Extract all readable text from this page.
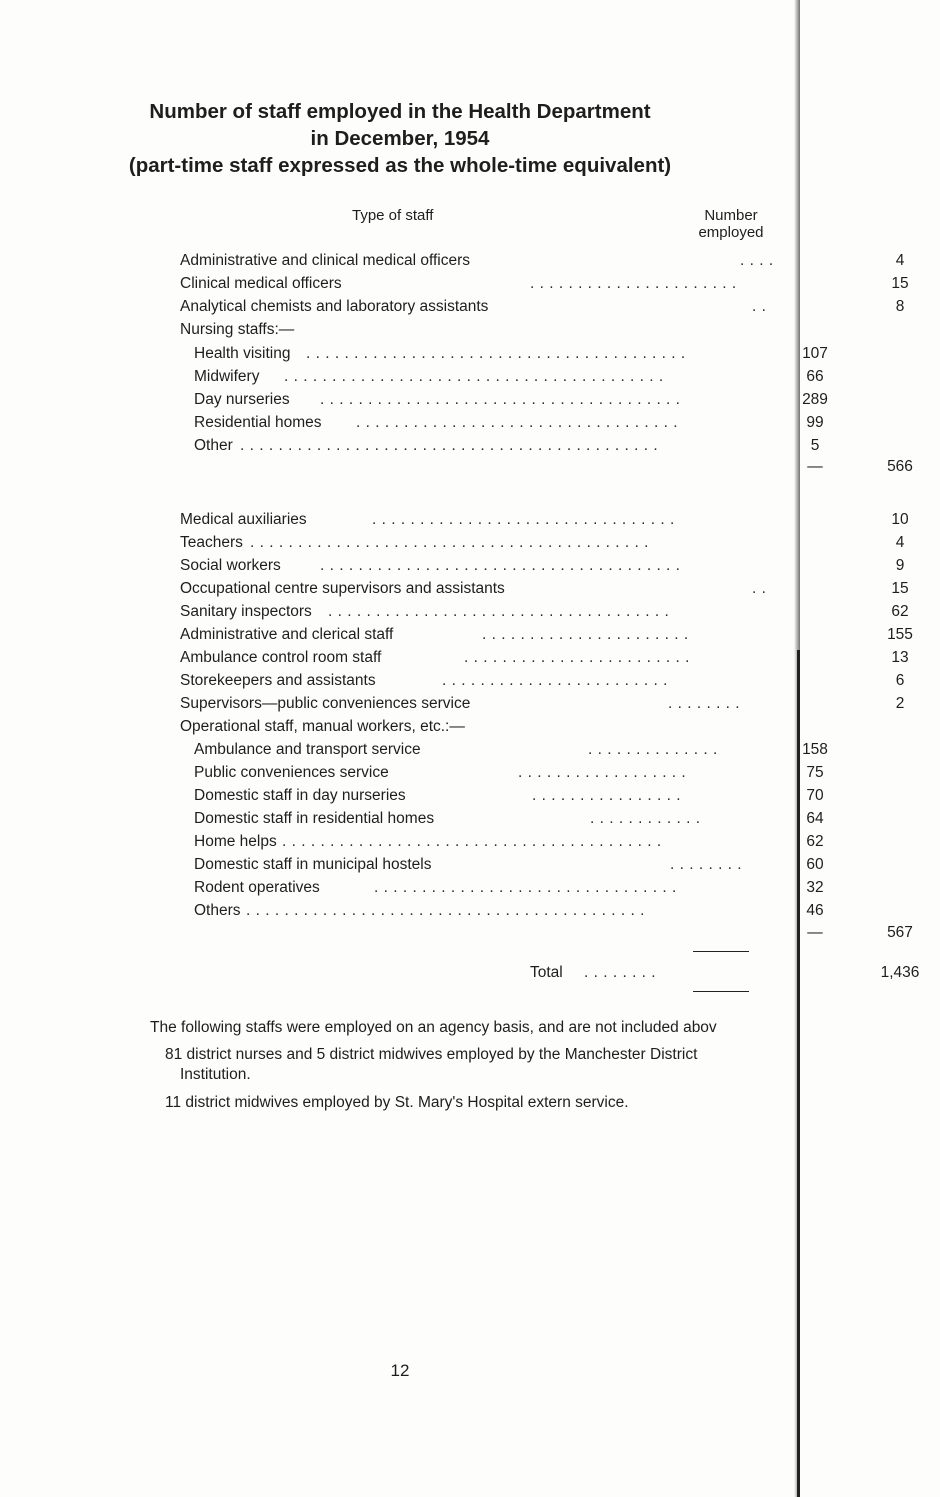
Number of staff employed in the Health Department
in December, 1954
(part-time staff expressed as the whole-time equivalent)
Type of staff	Number
employed
Administrative and clinical medical officers	. . . .	4
Clinical medical officers	. . . . . . . . . . . . . . . . . . . . . .	15
Analytical chemists and laboratory assistants	. .	8
Nursing staffs:—
Health visiting . . . . . . . . . . . . . . . . . . . . . . . . . . . . . . . . . . . . . . . .	107
Midwifery . . . . . . . . . . . . . . . . . . . . . . . . . . . . . . . . . . . . . . . .	66
Day nurseries . . . . . . . . . . . . . . . . . . . . . . . . . . . . . . . . . . . . . .	289
Residential homes . . . . . . . . . . . . . . . . . . . . . . . . . . . . . . . . . .	99
Other . . . . . . . . . . . . . . . . . . . . . . . . . . . . . . . . . . . . . . . . . . . .	5
—	566
Medical auxiliaries	. . . . . . . . . . . . . . . . . . . . . . . . . . . . . . . .	10
Teachers . . . . . . . . . . . . . . . . . . . . . . . . . . . . . . . . . . . . . . . . . .	4
Social workers	. . . . . . . . . . . . . . . . . . . . . . . . . . . . . . . . . . . . . .	9
Occupational centre supervisors and assistants	. .	15
Sanitary inspectors . . . . . . . . . . . . . . . . . . . . . . . . . . . . . . . . . . . .	62
Administrative and clerical staff	. . . . . . . . . . . . . . . . . . . . . .	155
Ambulance control room staff	. . . . . . . . . . . . . . . . . . . . . . . .	13
Storekeepers and assistants	. . . . . . . . . . . . . . . . . . . . . . . .	6
Supervisors—public conveniences service	. . . . . . . .	2
Operational staff, manual workers, etc.:—
Ambulance and transport service	. . . . . . . . . . . . . .	158
Public conveniences service	. . . . . . . . . . . . . . . . . .	75
Domestic staff in day nurseries	. . . . . . . . . . . . . . . .	70
Domestic staff in residential homes	. . . . . . . . . . . .	64
Home helps . . . . . . . . . . . . . . . . . . . . . . . . . . . . . . . . . . . . . . . .	62
Domestic staff in municipal hostels	. . . . . . . .	60
Rodent operatives	. . . . . . . . . . . . . . . . . . . . . . . . . . . . . . . .	32
Others . . . . . . . . . . . . . . . . . . . . . . . . . . . . . . . . . . . . . . . . . .	46
—	567
Total . . . . . . . .	1,436
The following staffs were employed on an agency basis, and are not included abov
81 district nurses and 5 district midwives employed by the Manchester District
Institution.
11 district midwives employed by St. Mary's Hospital extern service.
12
